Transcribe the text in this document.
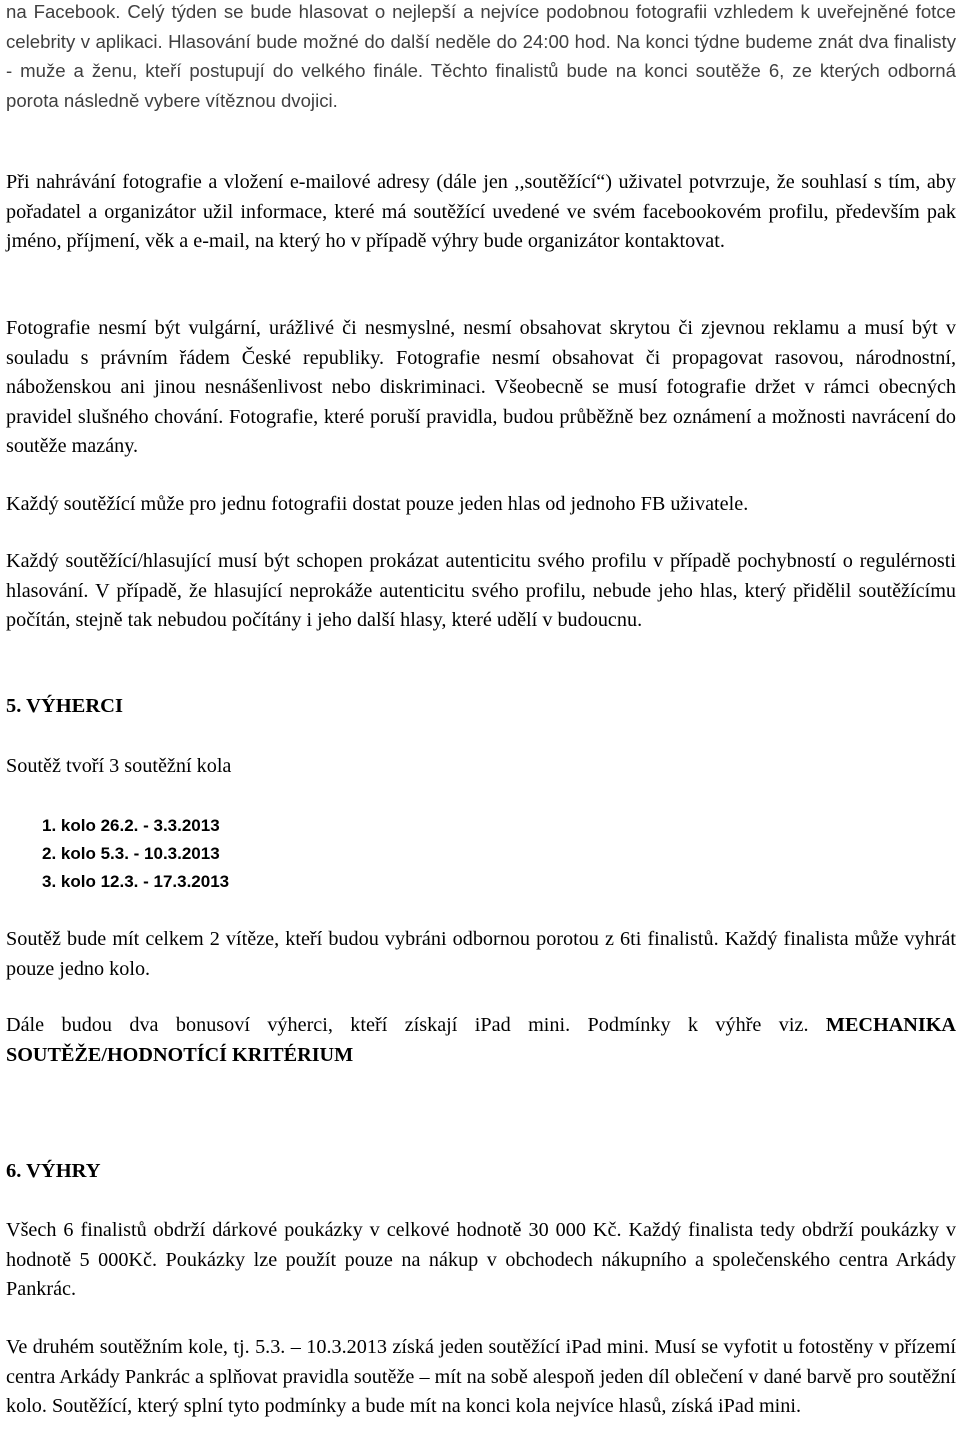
na Facebook. Celý týden se bude hlasovat o nejlepší a nejvíce podobnou fotografii vzhledem k uveřejněné fotce celebrity v aplikaci. Hlasování bude možné do další neděle do 24:00 hod. Na konci týdne budeme znát dva finalisty - muže a ženu, kteří postupují do velkého finále. Těchto finalistů bude na konci soutěže 6, ze kterých odborná porota následně vybere vítěznou dvojici.

Při nahrávání fotografie a vložení e-mailové adresy (dále jen ,,soutěžící“) uživatel potvrzuje, že souhlasí s tím, aby pořadatel a organizátor užil informace, které má soutěžící uvedené ve svém facebookovém profilu, především pak jméno, příjmení, věk a e-mail, na který ho v případě výhry bude organizátor kontaktovat.

Fotografie nesmí být vulgární, urážlivé či nesmyslné, nesmí obsahovat skrytou či zjevnou reklamu a musí být v souladu s právním řádem České republiky. Fotografie nesmí obsahovat či propagovat rasovou, národnostní, náboženskou ani jinou nesnášenlivost nebo diskriminaci. Všeobecně se musí fotografie držet v rámci obecných pravidel slušného chování. Fotografie, které poruší pravidla, budou průběžně bez oznámení a možnosti navrácení do soutěže mazány.

Každý soutěžící může pro jednu fotografii dostat pouze jeden hlas od jednoho FB uživatele.

Každý soutěžící/hlasující musí být schopen prokázat autenticitu svého profilu v případě pochybností o regulérnosti hlasování. V případě, že hlasující neprokáže autenticitu svého profilu, nebude jeho hlas, který přidělil soutěžícímu počítán, stejně tak nebudou počítány i jeho další hlasy, které udělí v budoucnu.

5. VÝHERCI
Soutěž tvoří 3 soutěžní kola
1. kolo 26.2. - 3.3.2013
2. kolo 5.3. - 10.3.2013
3. kolo 12.3. - 17.3.2013

Soutěž bude mít celkem 2 vítěze, kteří budou vybráni odbornou porotou z 6ti finalistů. Každý finalista může vyhrát pouze jedno kolo.

Dále budou dva bonusoví výherci, kteří získají iPad mini. Podmínky k výhře viz. MECHANIKA SOUTĚŽE/HODNOTÍCÍ KRITÉRIUM

6. VÝHRY

Všech 6 finalistů obdrží dárkové poukázky v celkové hodnotě 30 000 Kč. Každý finalista tedy obdrží poukázky v hodnotě 5 000Kč. Poukázky lze použít pouze na nákup v obchodech nákupního a společenského centra Arkády Pankrác.

Ve druhém soutěžním kole, tj. 5.3. – 10.3.2013 získá jeden soutěžící iPad mini. Musí se vyfotit u fotostěny v přízemí centra Arkády Pankrác a splňovat pravidla soutěže – mít na sobě alespoň jeden díl oblečení v dané barvě pro soutěžní kolo. Soutěžící, který splní tyto podmínky a bude mít na konci kola nejvíce hlasů, získá iPad mini.
